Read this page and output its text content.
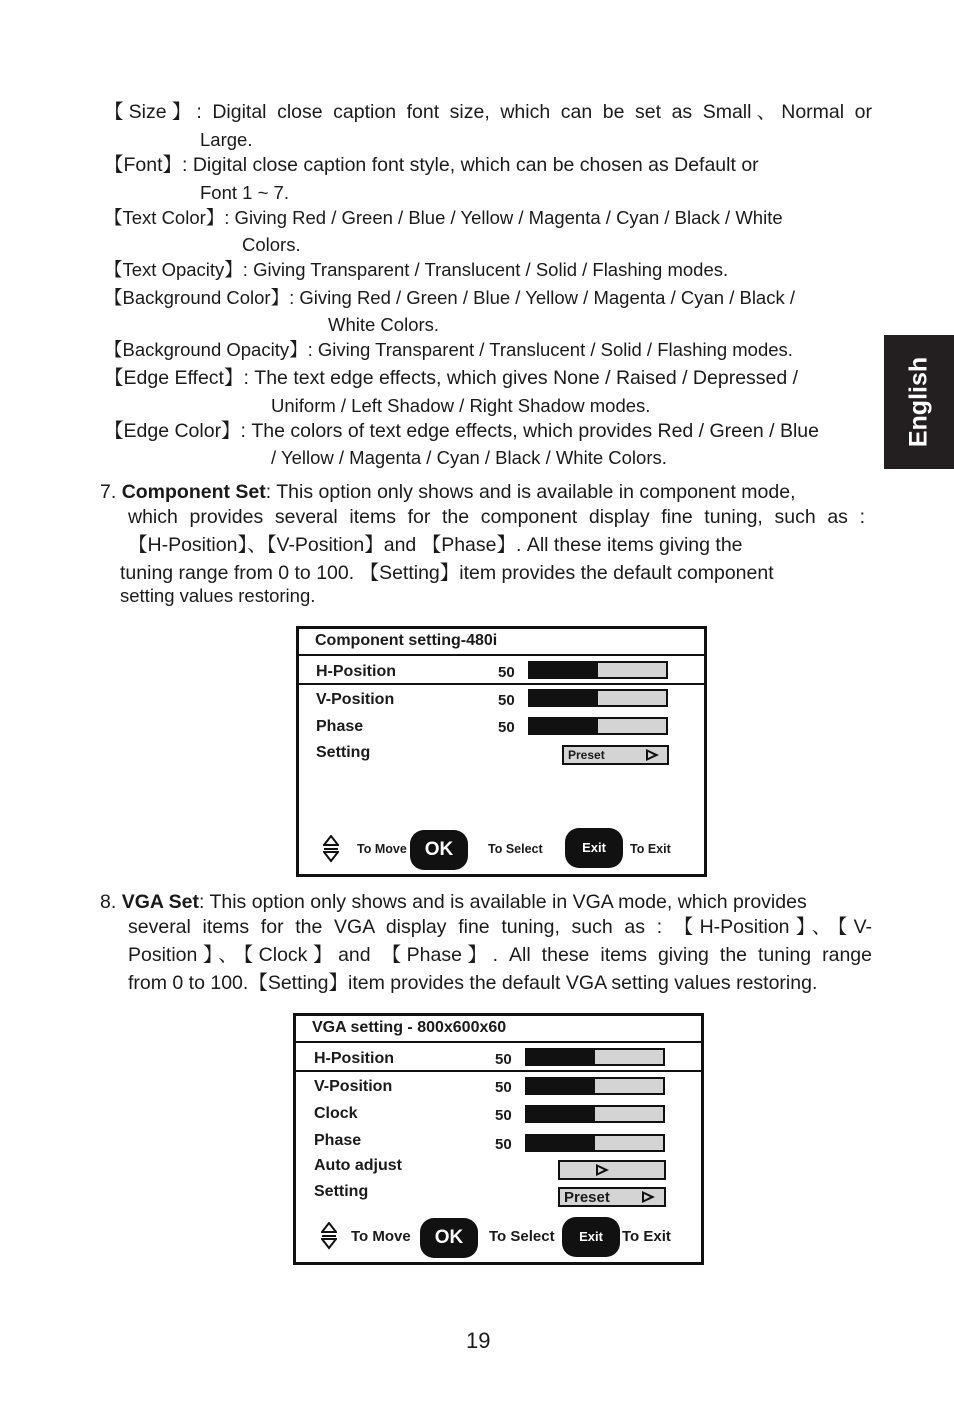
English
【Size】: Digital close caption font size, which can be set as Small、Normal or
Large.
【Font】: Digital close caption font style, which can be chosen as Default or
Font 1 ~ 7.
【Text Color】: Giving Red / Green / Blue / Yellow / Magenta / Cyan / Black / White
Colors.
【Text Opacity】: Giving Transparent / Translucent / Solid / Flashing modes.
【Background Color】: Giving Red / Green / Blue / Yellow / Magenta / Cyan / Black /
White Colors.
【Background Opacity】: Giving Transparent / Translucent / Solid / Flashing modes.
【Edge Effect】: The text edge effects, which gives None / Raised / Depressed /
Uniform / Left Shadow / Right Shadow modes.
【Edge Color】: The colors of text edge effects, which provides Red / Green / Blue
/ Yellow / Magenta / Cyan / Black / White Colors.
7. Component Set: This option only shows and is available in component mode,
which provides several items for the component display fine tuning, such as :
【H-Position】、【V-Position】and 【Phase】. All these items giving the
tuning range from 0 to 100. 【Setting】item provides the default component
setting values restoring.
Component setting-480i
H-Position	50
V-Position	50
Phase	50
Setting	Preset
To Move OK	To Select	Exit	To Exit
8. VGA Set: This option only shows and is available in VGA mode, which provides
several items for the VGA display fine tuning, such as : 【H-Position】、【V-
Position】、【Clock】and 【Phase】. All these items giving the tuning range
from 0 to 100.【Setting】item provides the default VGA setting values restoring.
VGA setting - 800x600x60
H-Position	50
V-Position	50
Clock	50
Phase	50
Auto adjust
Setting	Preset
To Move	OK	To Select	Exit	To Exit
19
